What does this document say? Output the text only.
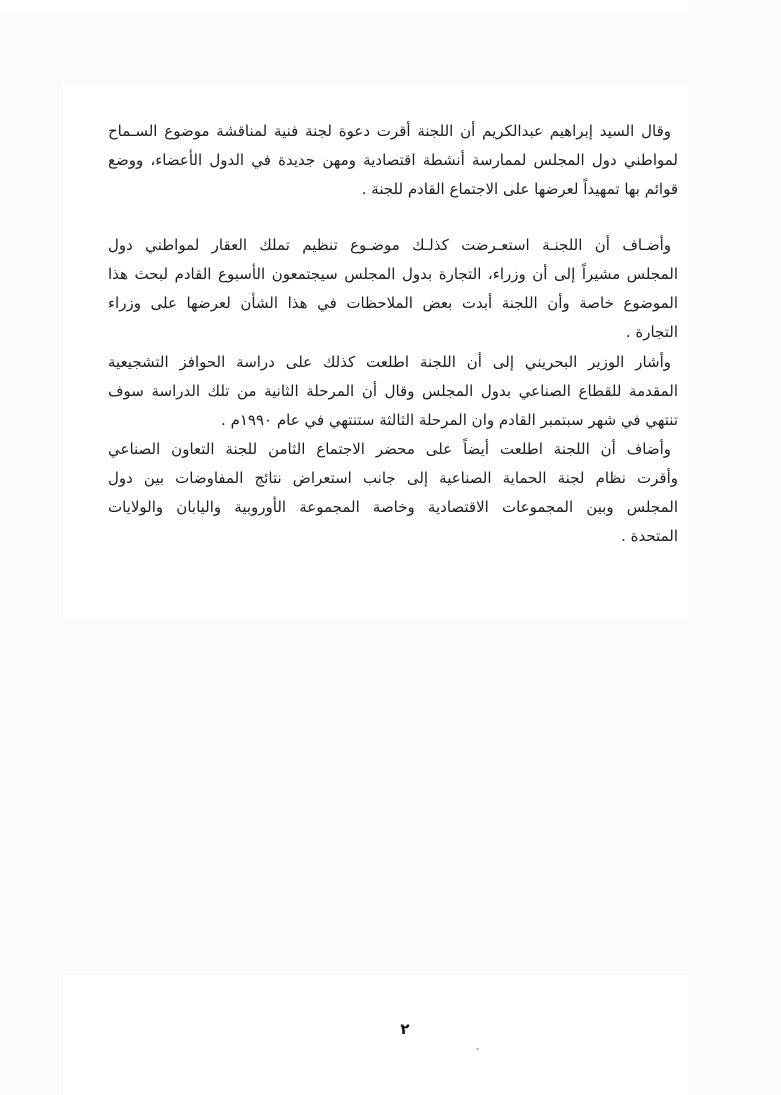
وقال السيد إبراهيم عبدالكريم أن اللجنة أقرت دعوة لجنة فنية لمناقشة موضوع السـماح
لمواطني دول المجلس لممارسة أنشطة اقتصادية ومهن جديدة في الدول الأعضاء، ووضع
قوائم بها تمهيداً لعرضها على الاجتماع القادم للجنة .
وأضـاف أن اللجنـة استعـرضت كذلـك موضـوع تنظيم تملك العقار لمواطني دول
المجلس مشيراً إلى أن وزراء، التجارة بدول المجلس سيجتمعون الأسبوع القادم لبحث هذا
الموضوع خاصة وأن اللجنة أبدت بعض الملاحظات في هذا الشأن لعرضها على وزراء
التجارة .
وأشار الوزير البحريني إلى أن اللجنة اطلعت كذلك على دراسة الحوافز التشجيعية
المقدمة للقطاع الصناعي بدول المجلس وقال أن المرحلة الثانية من تلك الدراسة سوف
تنتهي في شهر سبتمبر القادم وان المرحلة الثالثة ستنتهي في عام ١٩٩٠م .
وأضاف أن اللجنة اطلعت أيضاً على محضر الاجتماع الثامن للجنة التعاون الصناعي
وأقرت نظام لجنة الحماية الصناعية إلى جانب استعراض نتائج المفاوضات بين دول
المجلس وبين المجموعات الاقتصادية وخاصة المجموعة الأوروبية واليابان والولايات
المتحدة .
٢
